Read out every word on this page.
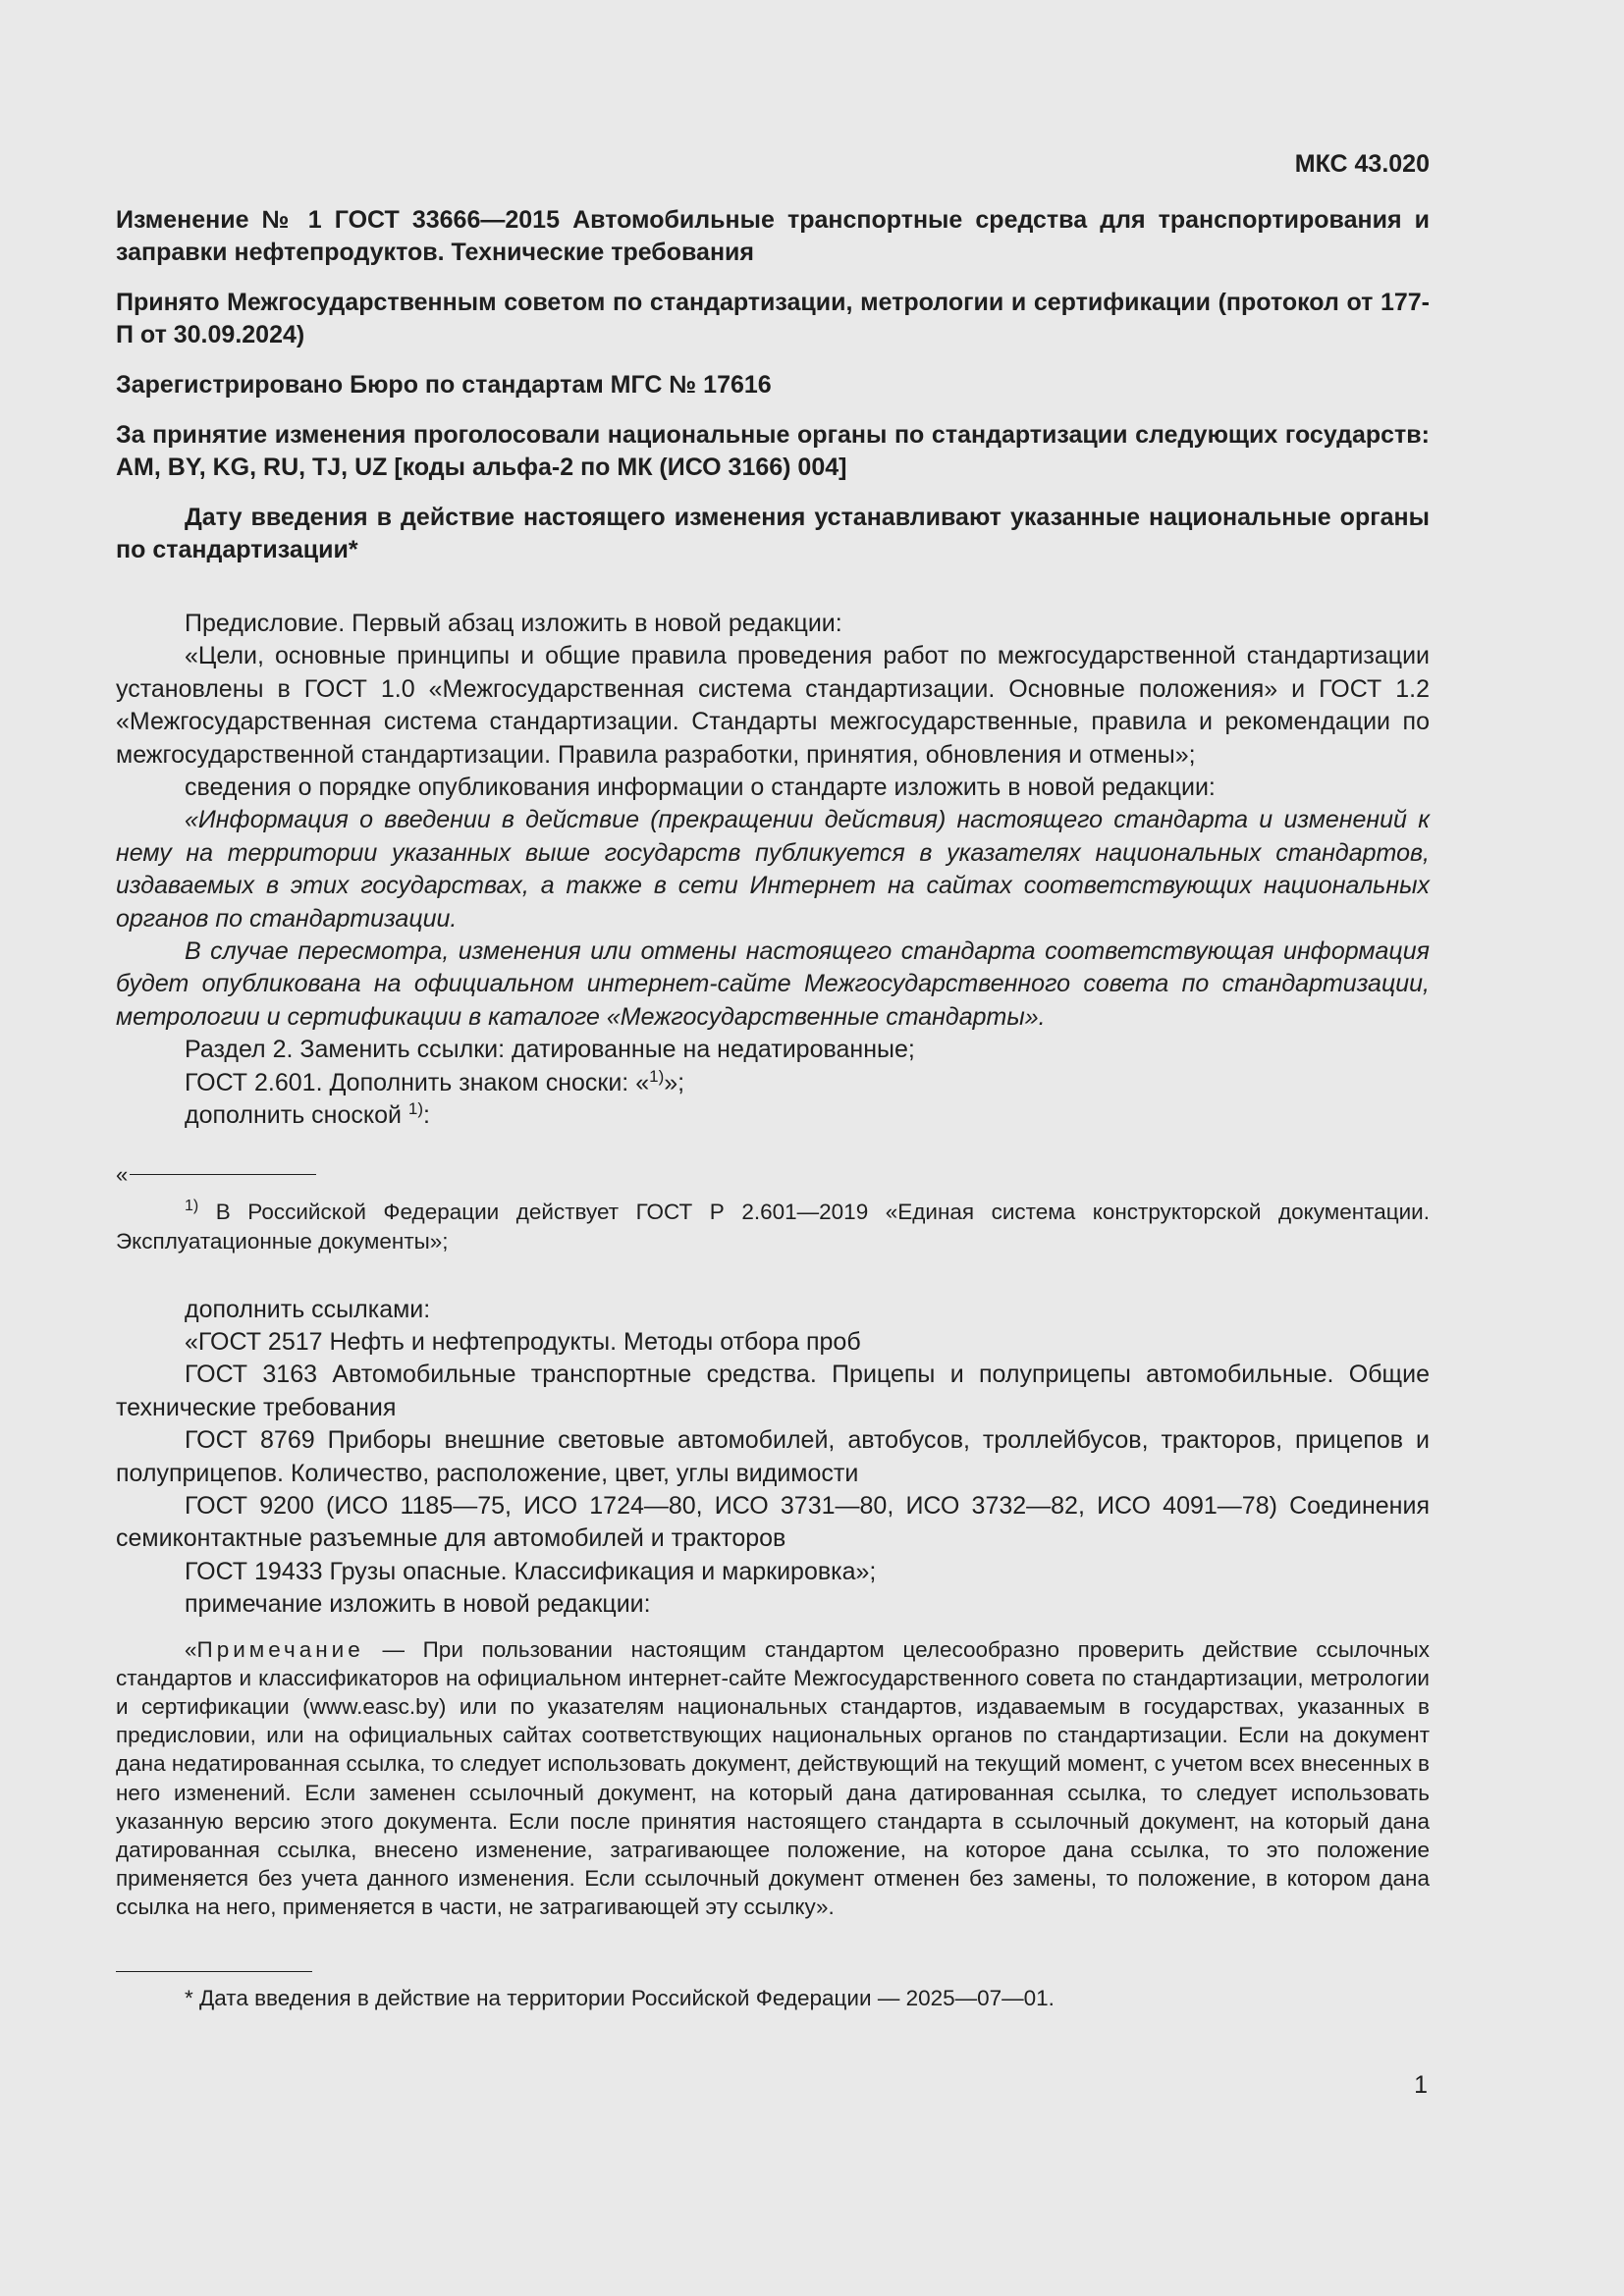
МКС 43.020

Изменение № 1 ГОСТ 33666—2015 Автомобильные транспортные средства для транспортирования и заправки нефтепродуктов. Технические требования

Принято Межгосударственным советом по стандартизации, метрологии и сертификации (протокол от 177-П от 30.09.2024)

Зарегистрировано Бюро по стандартам МГС № 17616

За принятие изменения проголосовали национальные органы по стандартизации следующих государств: AM, BY, KG, RU, TJ, UZ [коды альфа-2 по МК (ИСО 3166) 004]

Дату введения в действие настоящего изменения устанавливают указанные национальные органы по стандартизации*

Предисловие. Первый абзац изложить в новой редакции:

«Цели, основные принципы и общие правила проведения работ по межгосударственной стандартизации установлены в ГОСТ 1.0 «Межгосударственная система стандартизации. Основные положения» и ГОСТ 1.2 «Межгосударственная система стандартизации. Стандарты межгосударственные, правила и рекомендации по межгосударственной стандартизации. Правила разработки, принятия, обновления и отмены»;

сведения о порядке опубликования информации о стандарте изложить в новой редакции:

«Информация о введении в действие (прекращении действия) настоящего стандарта и изменений к нему на территории указанных выше государств публикуется в указателях национальных стандартов, издаваемых в этих государствах, а также в сети Интернет на сайтах соответствующих национальных органов по стандартизации.

В случае пересмотра, изменения или отмены настоящего стандарта соответствующая информация будет опубликована на официальном интернет-сайте Межгосударственного совета по стандартизации, метрологии и сертификации в каталоге «Межгосударственные стандарты».

Раздел 2. Заменить ссылки: датированные на недатированные;

ГОСТ 2.601. Дополнить знаком сноски: «$^{1)}$»;

дополнить сноской $^{1)}$:

«

$^{1)}$ В Российской Федерации действует ГОСТ Р 2.601—2019 «Единая система конструкторской документации. Эксплуатационные документы»;

дополнить ссылками:

«ГОСТ 2517 Нефть и нефтепродукты. Методы отбора проб

ГОСТ 3163 Автомобильные транспортные средства. Прицепы и полуприцепы автомобильные. Общие технические требования

ГОСТ 8769 Приборы внешние световые автомобилей, автобусов, троллейбусов, тракторов, прицепов и полуприцепов. Количество, расположение, цвет, углы видимости

ГОСТ 9200 (ИСО 1185—75, ИСО 1724—80, ИСО 3731—80, ИСО 3732—82, ИСО 4091—78) Соединения семиконтактные разъемные для автомобилей и тракторов

ГОСТ 19433 Грузы опасные. Классификация и маркировка»;

примечание изложить в новой редакции:

«Примечание — При пользовании настоящим стандартом целесообразно проверить действие ссылочных стандартов и классификаторов на официальном интернет-сайте Межгосударственного совета по стандартизации, метрологии и сертификации (www.easc.by) или по указателям национальных стандартов, издаваемым в государствах, указанных в предисловии, или на официальных сайтах соответствующих национальных органов по стандартизации. Если на документ дана недатированная ссылка, то следует использовать документ, действующий на текущий момент, с учетом всех внесенных в него изменений. Если заменен ссылочный документ, на который дана датированная ссылка, то следует использовать указанную версию этого документа. Если после принятия настоящего стандарта в ссылочный документ, на который дана датированная ссылка, внесено изменение, затрагивающее положение, на которое дана ссылка, то это положение применяется без учета данного изменения. Если ссылочный документ отменен без замены, то положение, в котором дана ссылка на него, применяется в части, не затрагивающей эту ссылку».

* Дата введения в действие на территории Российской Федерации — 2025—07—01.

1
